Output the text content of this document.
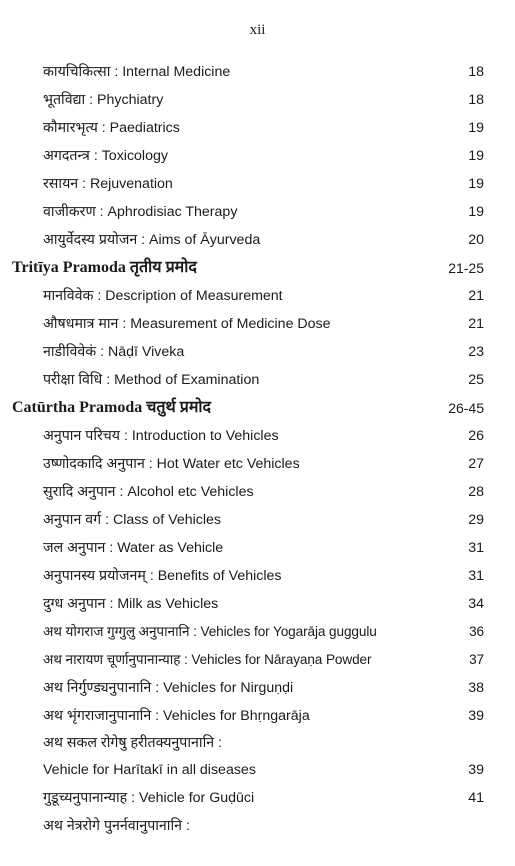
xii
कायचिकित्सा : Internal Medicine	18
भूतविद्या : Phychiatry	18
कौमारभृत्य : Paediatrics	19
अगदतन्त्र : Toxicology	19
रसायन : Rejuvenation	19
वाजीकरण : Aphrodisiac Therapy	19
आयुर्वेदस्य प्रयोजन : Aims of Āyurveda	20
Tritīya Pramoda तृतीय प्रमोद	21-25
मानविवेक : Description of Measurement	21
औषधमात्र मान : Measurement of Medicine Dose	21
नाडीविवेकं : Nāḍī Viveka	23
परीक्षा विधि : Method of Examination	25
Catūrtha Pramoda चतुर्थ प्रमोद	26-45
अनुपान परिचय : Introduction to Vehicles	26
उष्णोदकादि अनुपान : Hot Water etc Vehicles	27
सुरादि अनुपान : Alcohol etc Vehicles	28
अनुपान वर्ग : Class of Vehicles	29
जल अनुपान : Water as Vehicle	31
अनुपानस्य प्रयोजनम् : Benefits of Vehicles	31
दुग्ध अनुपान : Milk as Vehicles	34
अथ योगराज गुग्गुलु अनुपानानि : Vehicles for Yogarāja guggulu	36
अथ नारायण चूर्णानुपानान्याह : Vehicles for Nārayaṇa Powder	37
अथ निर्गुण्ड्यनुपानानि : Vehicles for Nirguṇḍi	38
अथ भृंगराजानुपानानि : Vehicles for Bhṛngarāja	39
अथ सकल रोगेषु हरीतक्यनुपानानि :
Vehicle for Harītakī in all diseases	39
गुडूच्यनुपानान्याह : Vehicle for Guḍūci	41
अथ नेत्ररोगे पुनर्नवानुपानानि :
